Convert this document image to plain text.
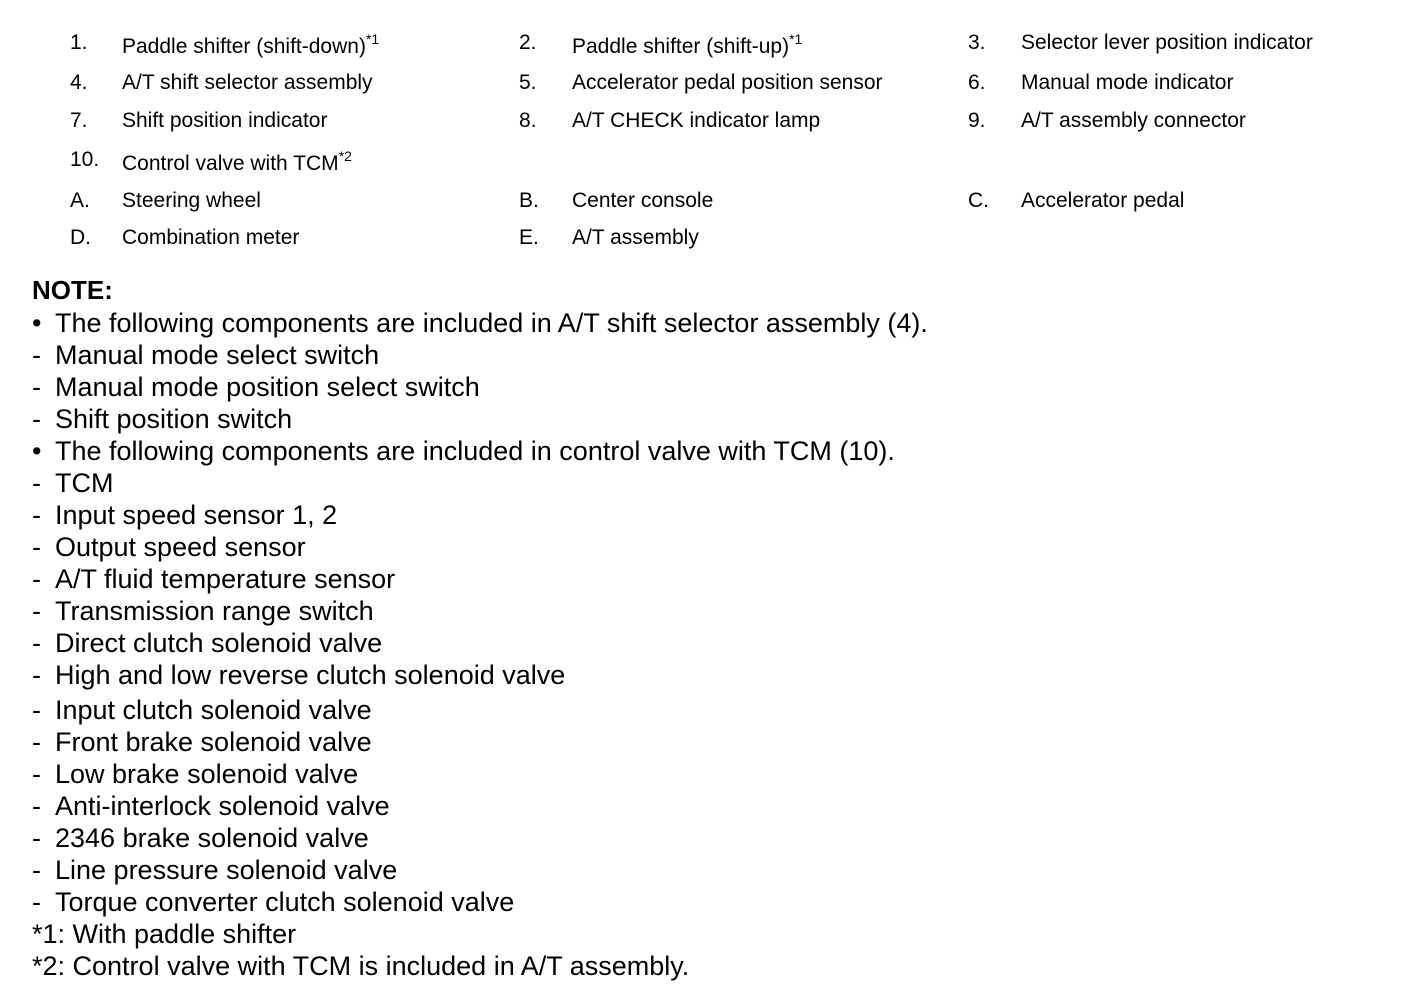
1.	Paddle shifter (shift-down)$^{*1}$	2.	Paddle shifter (shift-up)$^{*1}$	3.	Selector lever position indicator
4.	A/T shift selector assembly	5.	Accelerator pedal position sensor	6.	Manual mode indicator
7.	Shift position indicator	8.	A/T CHECK indicator lamp	9.	A/T assembly connector
10.	Control valve with TCM$^{*2}$
A.	Steering wheel	B.	Center console	C.	Accelerator pedal
D.	Combination meter	E.	A/T assembly
NOTE:
• The following components are included in A/T shift selector assembly (4).
- Manual mode select switch
- Manual mode position select switch
- Shift position switch
• The following components are included in control valve with TCM (10).
- TCM
- Input speed sensor 1, 2
- Output speed sensor
- A/T fluid temperature sensor
- Transmission range switch
- Direct clutch solenoid valve
- High and low reverse clutch solenoid valve
- Input clutch solenoid valve
- Front brake solenoid valve
- Low brake solenoid valve
- Anti-interlock solenoid valve
- 2346 brake solenoid valve
- Line pressure solenoid valve
- Torque converter clutch solenoid valve
*1: With paddle shifter
*2: Control valve with TCM is included in A/T assembly.
